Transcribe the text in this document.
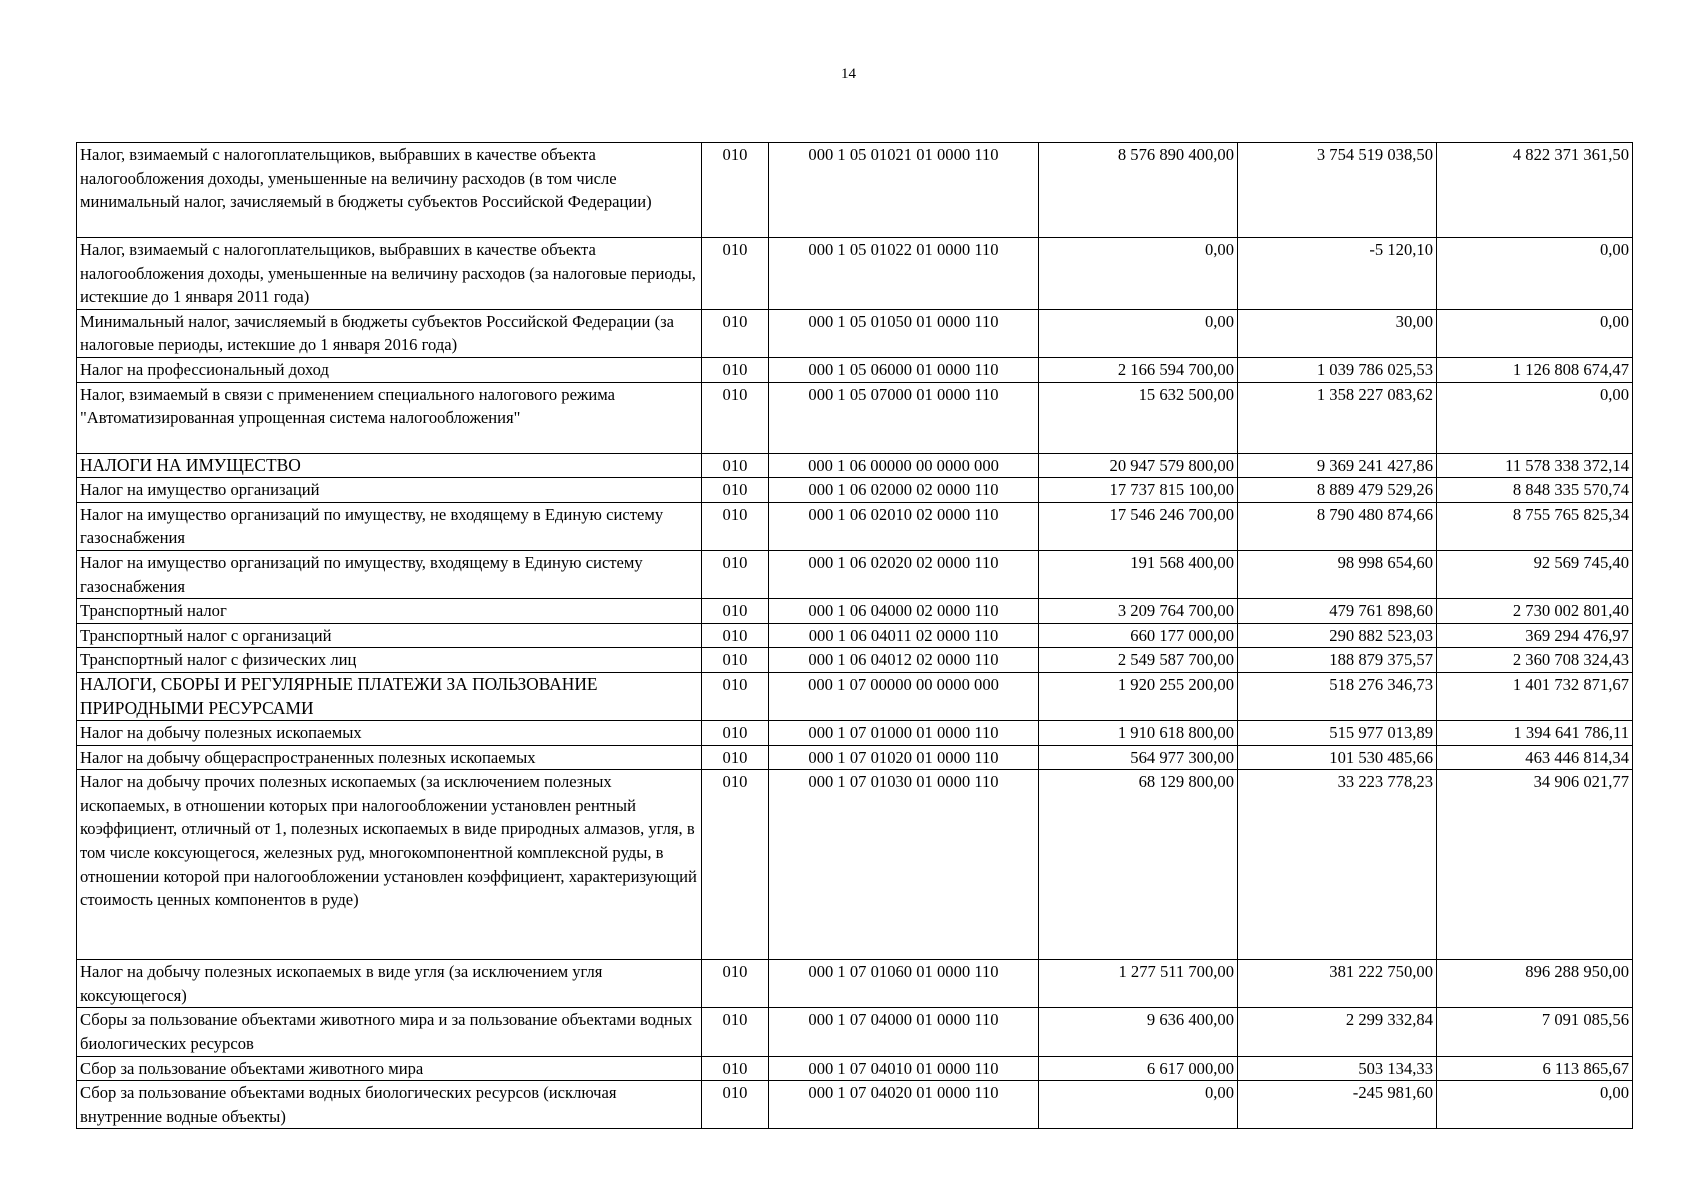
14
Налог, взимаемый с налогоплательщиков, выбравших в качестве объекта налогообложения доходы, уменьшенные на величину расходов (в том числе минимальный налог, зачисляемый в бюджеты субъектов Российской Федерации)	010	000 1 05 01021 01 0000 110	8 576 890 400,00	3 754 519 038,50	4 822 371 361,50
Налог, взимаемый с налогоплательщиков, выбравших в качестве объекта налогообложения доходы, уменьшенные на величину расходов (за налоговые периоды, истекшие до 1 января 2011 года)	010	000 1 05 01022 01 0000 110	0,00	-5 120,10	0,00
Минимальный налог, зачисляемый в бюджеты субъектов Российской Федерации (за налоговые периоды, истекшие до 1 января 2016 года)	010	000 1 05 01050 01 0000 110	0,00	30,00	0,00
Налог на профессиональный доход	010	000 1 05 06000 01 0000 110	2 166 594 700,00	1 039 786 025,53	1 126 808 674,47
Налог, взимаемый в связи с применением специального налогового режима "Автоматизированная упрощенная система налогообложения"	010	000 1 05 07000 01 0000 110	15 632 500,00	1 358 227 083,62	0,00
НАЛОГИ НА ИМУЩЕСТВО	010	000 1 06 00000 00 0000 000	20 947 579 800,00	9 369 241 427,86	11 578 338 372,14
Налог на имущество организаций	010	000 1 06 02000 02 0000 110	17 737 815 100,00	8 889 479 529,26	8 848 335 570,74
Налог на имущество организаций по имуществу, не входящему в Единую систему газоснабжения	010	000 1 06 02010 02 0000 110	17 546 246 700,00	8 790 480 874,66	8 755 765 825,34
Налог на имущество организаций по имуществу, входящему в Единую систему газоснабжения	010	000 1 06 02020 02 0000 110	191 568 400,00	98 998 654,60	92 569 745,40
Транспортный налог	010	000 1 06 04000 02 0000 110	3 209 764 700,00	479 761 898,60	2 730 002 801,40
Транспортный налог с организаций	010	000 1 06 04011 02 0000 110	660 177 000,00	290 882 523,03	369 294 476,97
Транспортный налог с физических лиц	010	000 1 06 04012 02 0000 110	2 549 587 700,00	188 879 375,57	2 360 708 324,43
НАЛОГИ, СБОРЫ И РЕГУЛЯРНЫЕ ПЛАТЕЖИ ЗА ПОЛЬЗОВАНИЕ ПРИРОДНЫМИ РЕСУРСАМИ	010	000 1 07 00000 00 0000 000	1 920 255 200,00	518 276 346,73	1 401 732 871,67
Налог на добычу полезных ископаемых	010	000 1 07 01000 01 0000 110	1 910 618 800,00	515 977 013,89	1 394 641 786,11
Налог на добычу общераспространенных полезных ископаемых	010	000 1 07 01020 01 0000 110	564 977 300,00	101 530 485,66	463 446 814,34
Налог на добычу прочих полезных ископаемых (за исключением полезных ископаемых, в отношении которых при налогообложении установлен рентный коэффициент, отличный от 1, полезных ископаемых в виде природных алмазов, угля, в том числе коксующегося, железных руд, многокомпонентной комплексной руды, в отношении которой при налогообложении установлен коэффициент, характеризующий стоимость ценных компонентов в руде)	010	000 1 07 01030 01 0000 110	68 129 800,00	33 223 778,23	34 906 021,77
Налог на добычу полезных ископаемых в виде угля (за исключением угля коксующегося)	010	000 1 07 01060 01 0000 110	1 277 511 700,00	381 222 750,00	896 288 950,00
Сборы за пользование объектами животного мира и за пользование объектами водных биологических ресурсов	010	000 1 07 04000 01 0000 110	9 636 400,00	2 299 332,84	7 091 085,56
Сбор за пользование объектами животного мира	010	000 1 07 04010 01 0000 110	6 617 000,00	503 134,33	6 113 865,67
Сбор за пользование объектами водных биологических ресурсов (исключая внутренние водные объекты)	010	000 1 07 04020 01 0000 110	0,00	-245 981,60	0,00
